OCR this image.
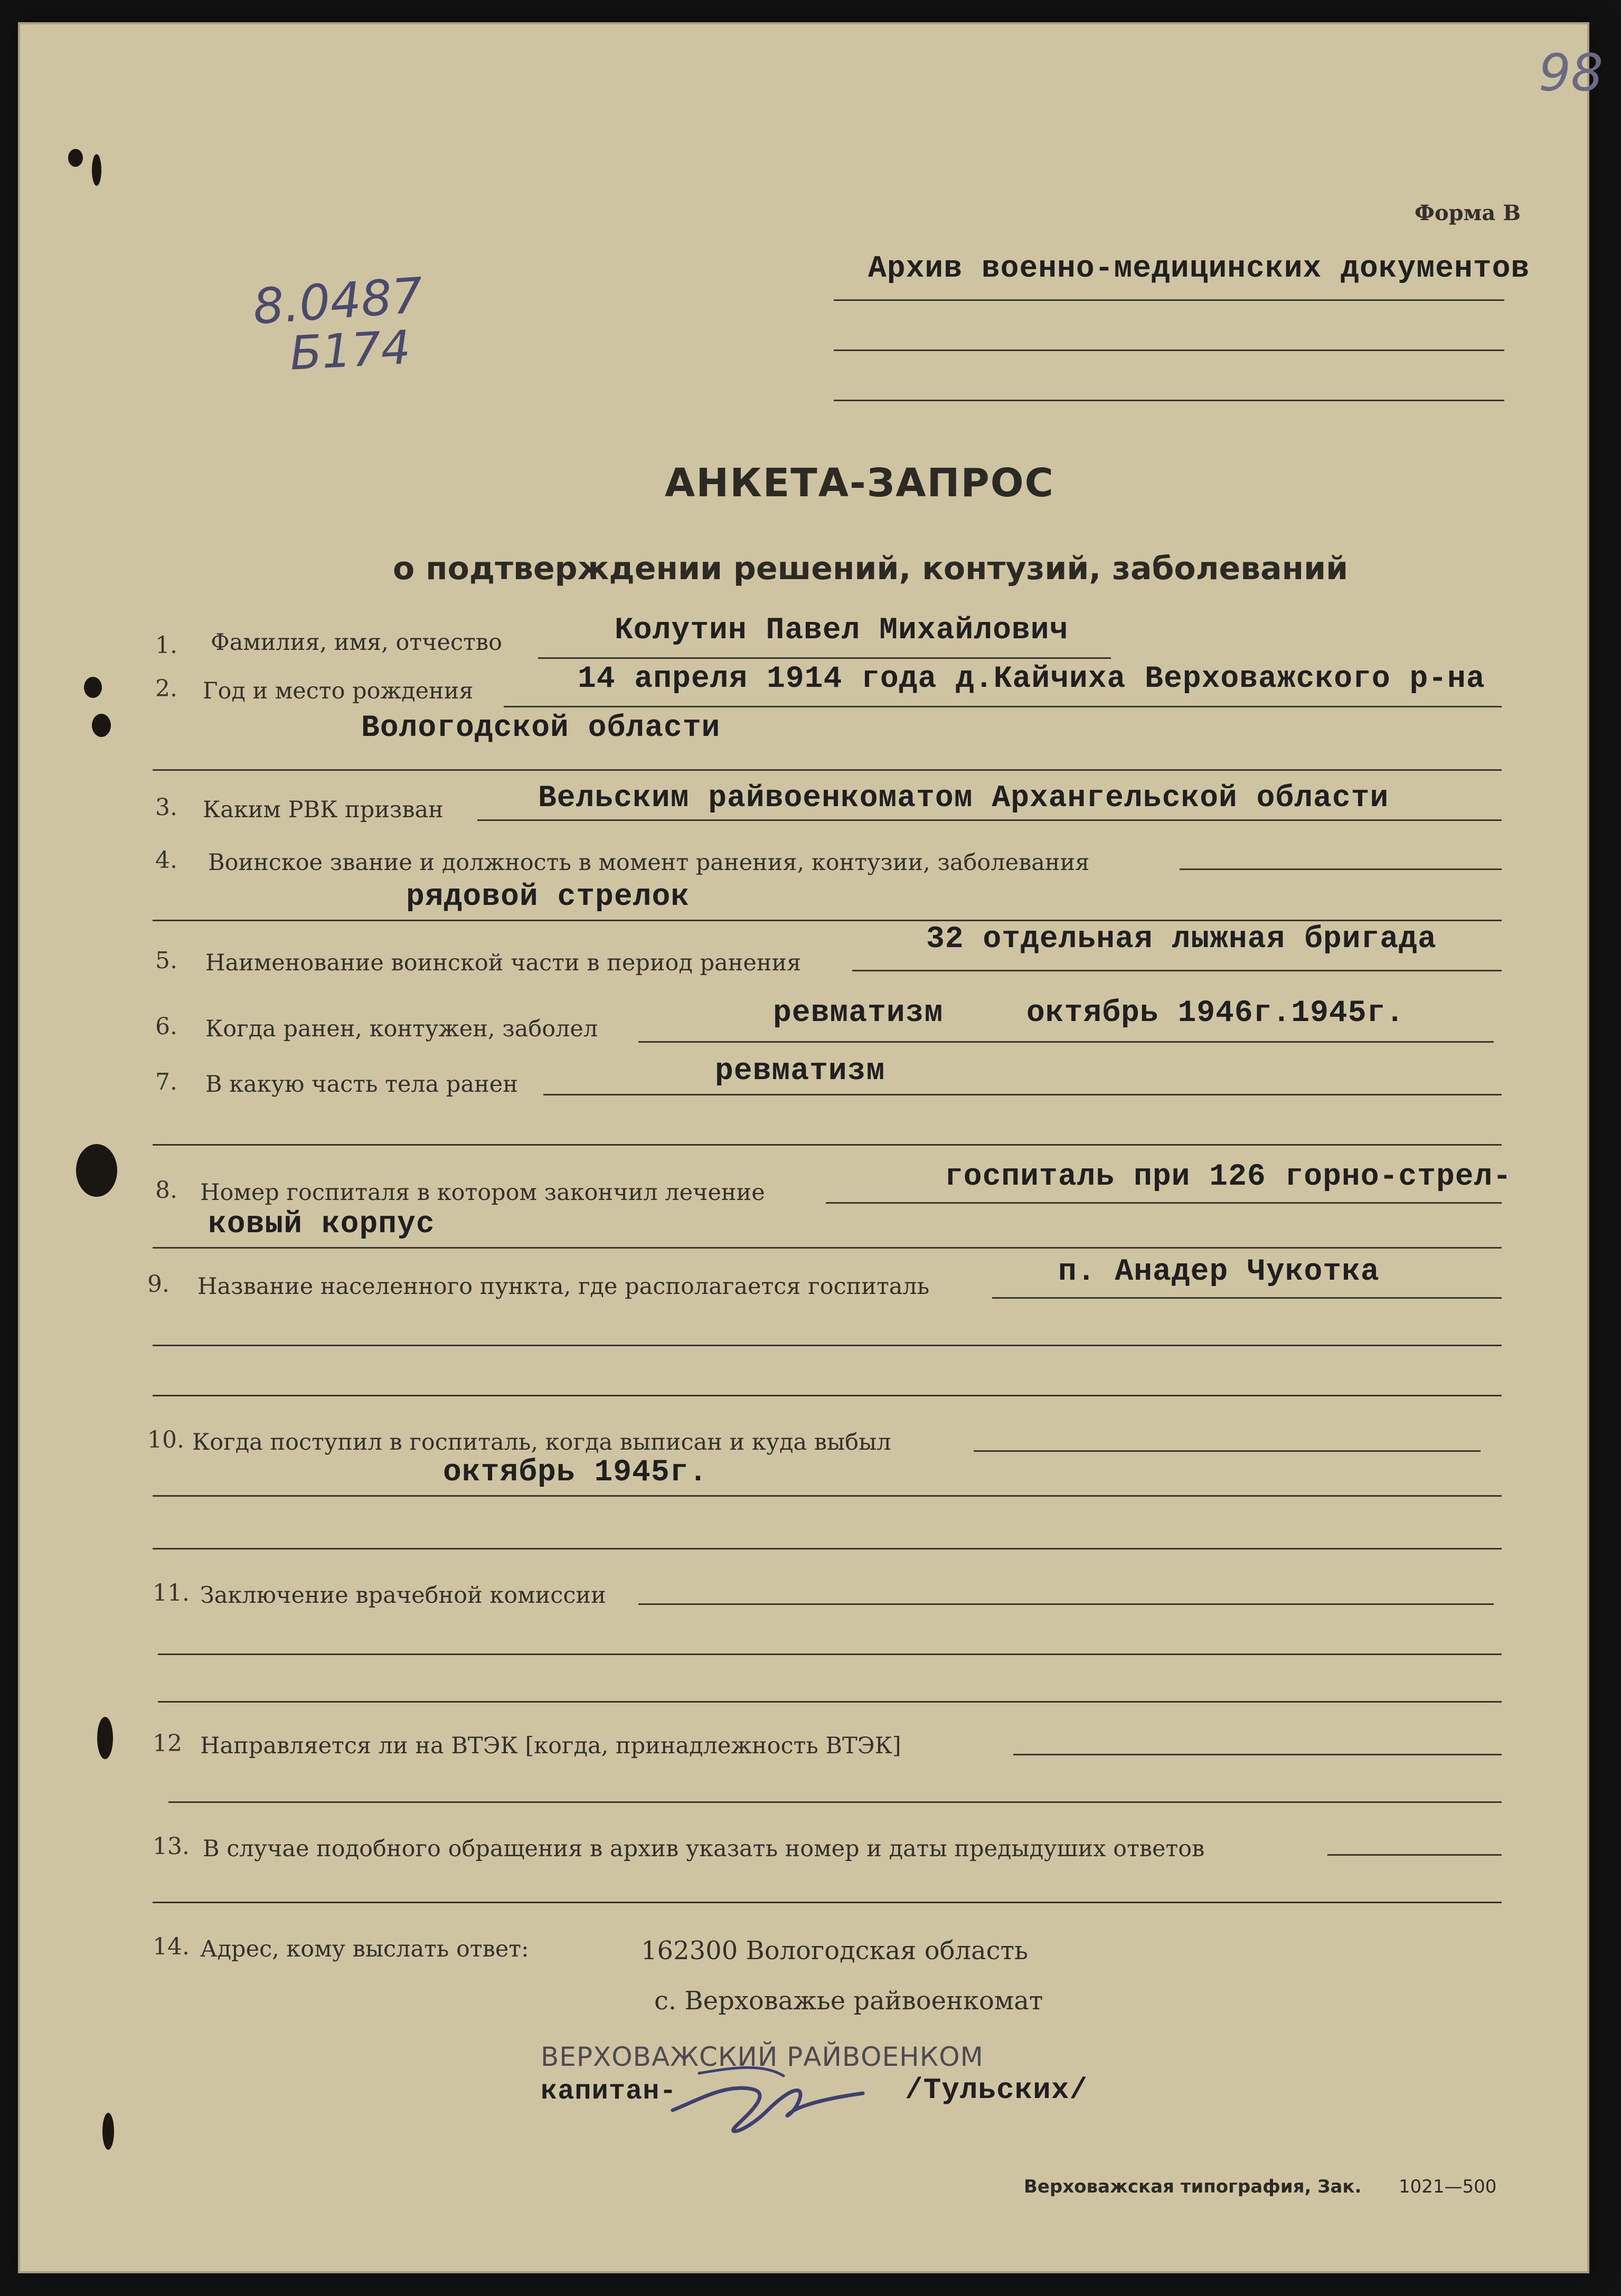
98
8.0487
Б174
Форма В
Архив военно-медицинских документов
АНКЕТА-ЗАПРОС
о подтверждении решений, контузий, заболеваний
1. Фамилия, имя, отчество	Колутин Павел Михайлович
2. Год и место рождения	14 апреля 1914 года д.Кайчиха Верховажского р-на
Вологодской области
3. Каким РВК призван	Вельским райвоенкоматом Архангельской области
4. Воинское звание и должность в момент ранения, контузии, заболевания
рядовой стрелок
5. Наименование воинской части в период ранения
32 отдельная лыжная бригада
6. Когда ранен, контужен, заболел	ревматизм	октябрь 1946г.1945г.
7. В какую часть тела ранен	ревматизм
8. Номер госпиталя в котором закончил лечение	госпиталь при 126 горно-стрел-
ковый корпус
9. Название населенного пункта, где располагается госпиталь	п. Анадер Чукотка
10. Когда поступил в госпиталь, когда выписан и куда выбыл
октябрь 1945г.
11. Заключение врачебной комиссии
12 Направляется ли на ВТЭК [когда, принадлежность ВТЭК]
13. В случае подобного обращения в архив указать номер и даты предыдуших ответов
14. Адрес, кому выслать ответ:	162300 Вологодская область
с. Верховажье райвоенкомат
ВЕРХОВАЖСКИЙ РАЙВОЕНКОМ
капитан-	/Тульских/
Верховажская типография, Зак. 1021—500
